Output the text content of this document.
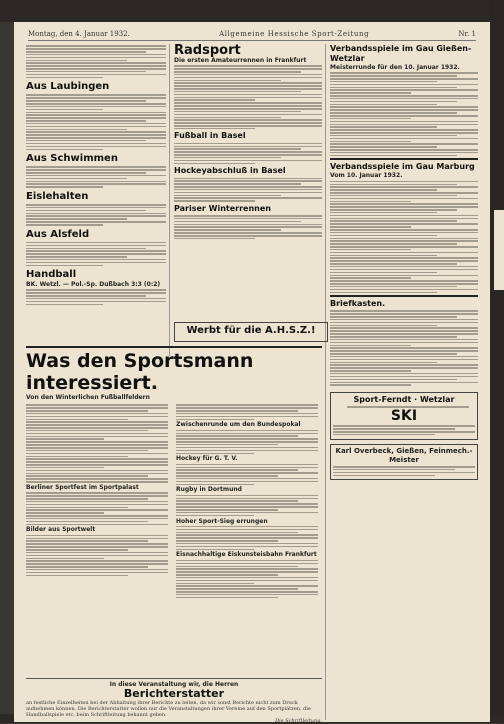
Montag, den 4. Januar 1932.	Allgemeine Hessische Sport-Zeitung	Nr. 1

Aus Laubingen

Aus Schwimmen

Eislehalten

Aus Alsfeld

Handball

BK. Wetzl. — Pol.-Sp. Dußbach 3:3 (0:2)

Radsport

Die ersten Amateurrennen in Frankfurt

Fußball in Basel

Hockeyabschluß in Basel

Pariser Winterrennen

Werbt für die A.H.S.Z.!

Verbandsspiele im Gau Gießen-Wetzlar

Meisterrunde für den 10. Januar 1932.

Verbandsspiele im Gau Marburg

Vom 10. Januar 1932.

Briefkasten.

Sport-Ferndt · Wetzlar

SKI

Karl Overbeck, Gießen, Feinmech.-Meister

Was den Sportsmann interessiert.

Von den Winterlichen Fußballfeldern

Berliner Sportfest im Sportpalast

Bilder aus Sportwelt

Zwischenrunde um den Bundespokal

Hockey für G. T. V.

Rugby in Dortmund

Hoher Sport-Sieg errungen

Eisnachhaltige Eiskunsteisbahn Frankfurt

In diese Veranstaltung wir, die Herren

Berichterstatter

an festliche Einzelheiten bei der Abhaltung ihrer Berichte zu leiten, da wir sonst Berichte nicht zum Druck aufnehmen können. Die Berichterstatter wollen nur die Veranstaltungen ihrer Vereine auf den Sportplätzen, die Handballspiele etc. beim Schriftleitung bekannt geben.

Die Schriftleitung.
